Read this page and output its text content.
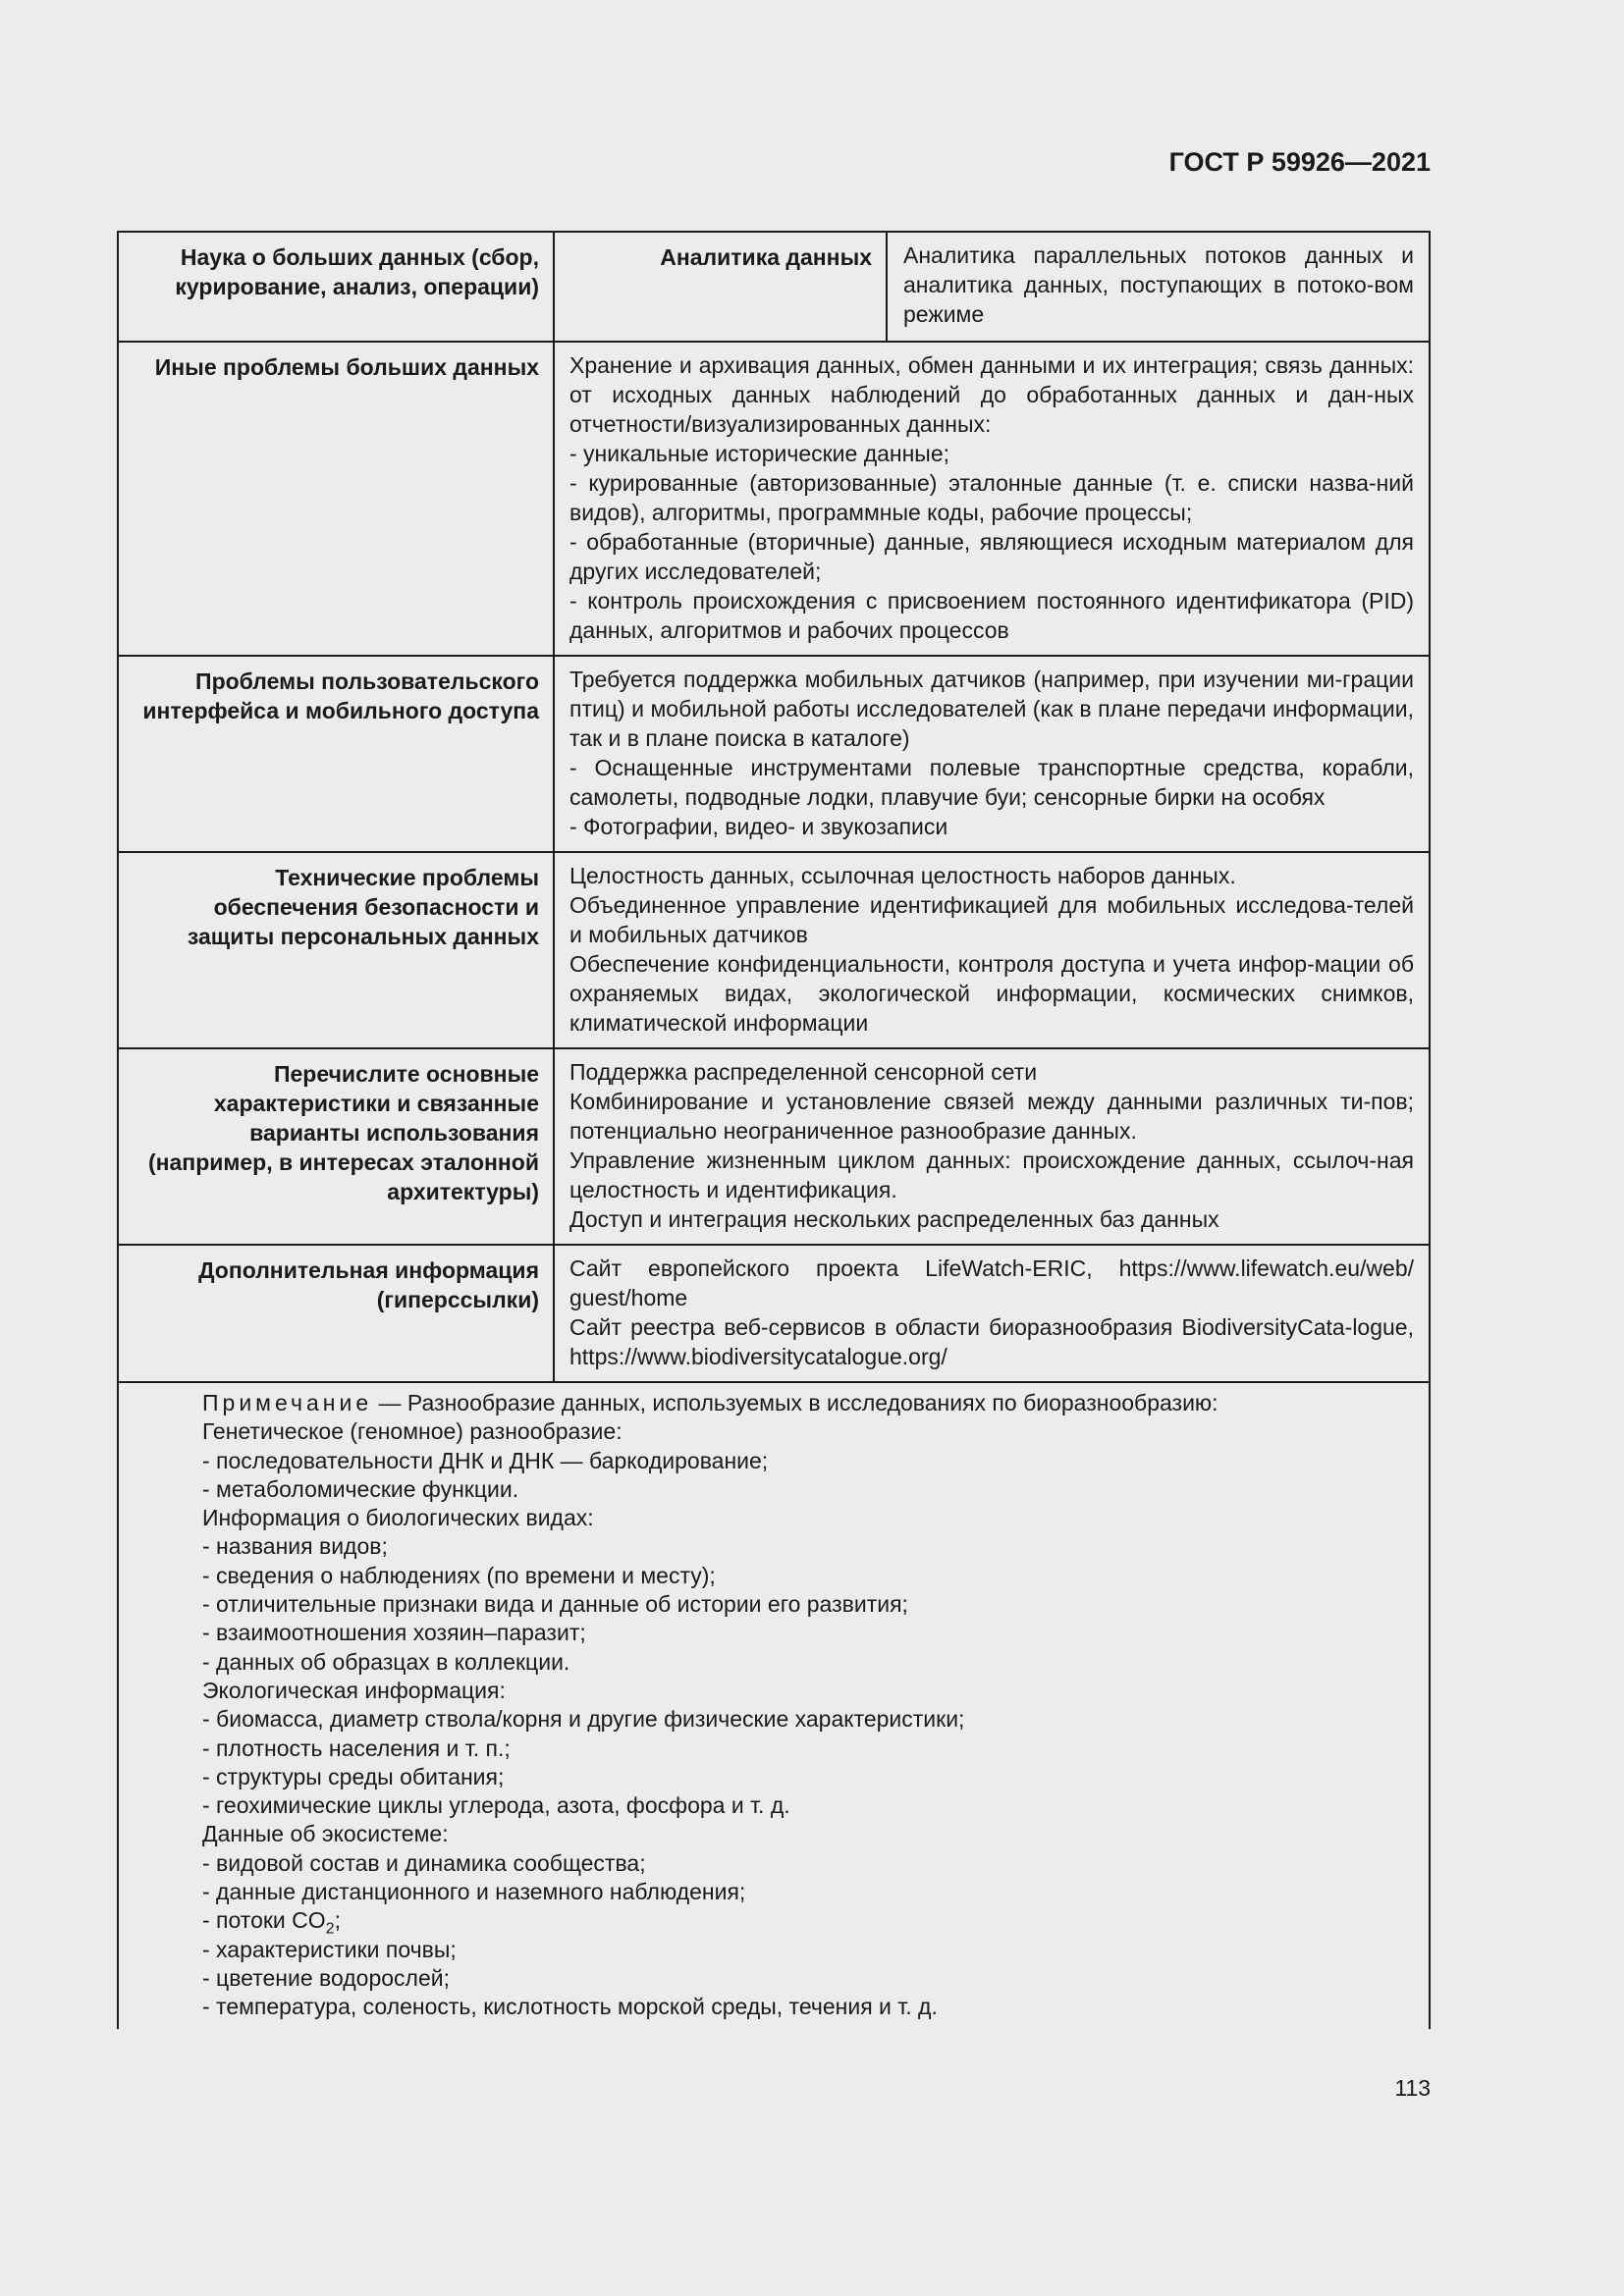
ГОСТ Р 59926—2021
Наука о больших данных (сбор, курирование, анализ, операции)
Аналитика данных	Аналитика параллельных потоков данных и аналитика данных, поступающих в потоко-вом режиме
Иные проблемы больших данных	Хранение и архивация данных, обмен данными и их интеграция; связь данных: от исходных данных наблюдений до обработанных данных и дан-ных отчетности/визуализированных данных:
- уникальные исторические данные;
- курированные (авторизованные) эталонные данные (т. е. списки назва-ний видов), алгоритмы, программные коды, рабочие процессы;
- обработанные (вторичные) данные, являющиеся исходным материалом для других исследователей;
- контроль происхождения с присвоением постоянного идентификатора (PID) данных, алгоритмов и рабочих процессов
Проблемы пользовательского интерфейса и мобильного доступа
Требуется поддержка мобильных датчиков (например, при изучении ми-грации птиц) и мобильной работы исследователей (как в плане передачи информации, так и в плане поиска в каталоге)
- Оснащенные инструментами полевые транспортные средства, корабли, самолеты, подводные лодки, плавучие буи; сенсорные бирки на особях
- Фотографии, видео- и звукозаписи
Технические проблемы обеспечения безопасности и защиты персональных данных
Целостность данных, ссылочная целостность наборов данных.
Объединенное управление идентификацией для мобильных исследова-телей и мобильных датчиков
Обеспечение конфиденциальности, контроля доступа и учета инфор-мации об охраняемых видах, экологической информации, космических снимков, климатической информации
Перечислите основные характеристики и связанные варианты использования (например, в интересах эталонной архитектуры)
Поддержка распределенной сенсорной сети
Комбинирование и установление связей между данными различных ти-пов; потенциально неограниченное разнообразие данных.
Управление жизненным циклом данных: происхождение данных, ссылоч-ная целостность и идентификация.
Доступ и интеграция нескольких распределенных баз данных
Дополнительная информация (гиперссылки)
Сайт европейского проекта LifeWatch-ERIC, https://www.lifewatch.eu/web/ guest/home
Сайт реестра веб-сервисов в области биоразнообразия BiodiversityCata-logue, https://www.biodiversitycatalogue.org/
Примечание — Разнообразие данных, используемых в исследованиях по биоразнообразию:
Генетическое (геномное) разнообразие:
- последовательности ДНК и ДНК — баркодирование;
- метаболомические функции.
Информация о биологических видах:
- названия видов;
- сведения о наблюдениях (по времени и месту);
- отличительные признаки вида и данные об истории его развития;
- взаимоотношения хозяин–паразит;
- данных об образцах в коллекции.
Экологическая информация:
- биомасса, диаметр ствола/корня и другие физические характеристики;
- плотность населения и т. п.;
- структуры среды обитания;
- геохимические циклы углерода, азота, фосфора и т. д.
Данные об экосистеме:
- видовой состав и динамика сообщества;
- данные дистанционного и наземного наблюдения;
- потоки $CO_2$;
- характеристики почвы;
- цветение водорослей;
- температура, соленость, кислотность морской среды, течения и т. д.
113
